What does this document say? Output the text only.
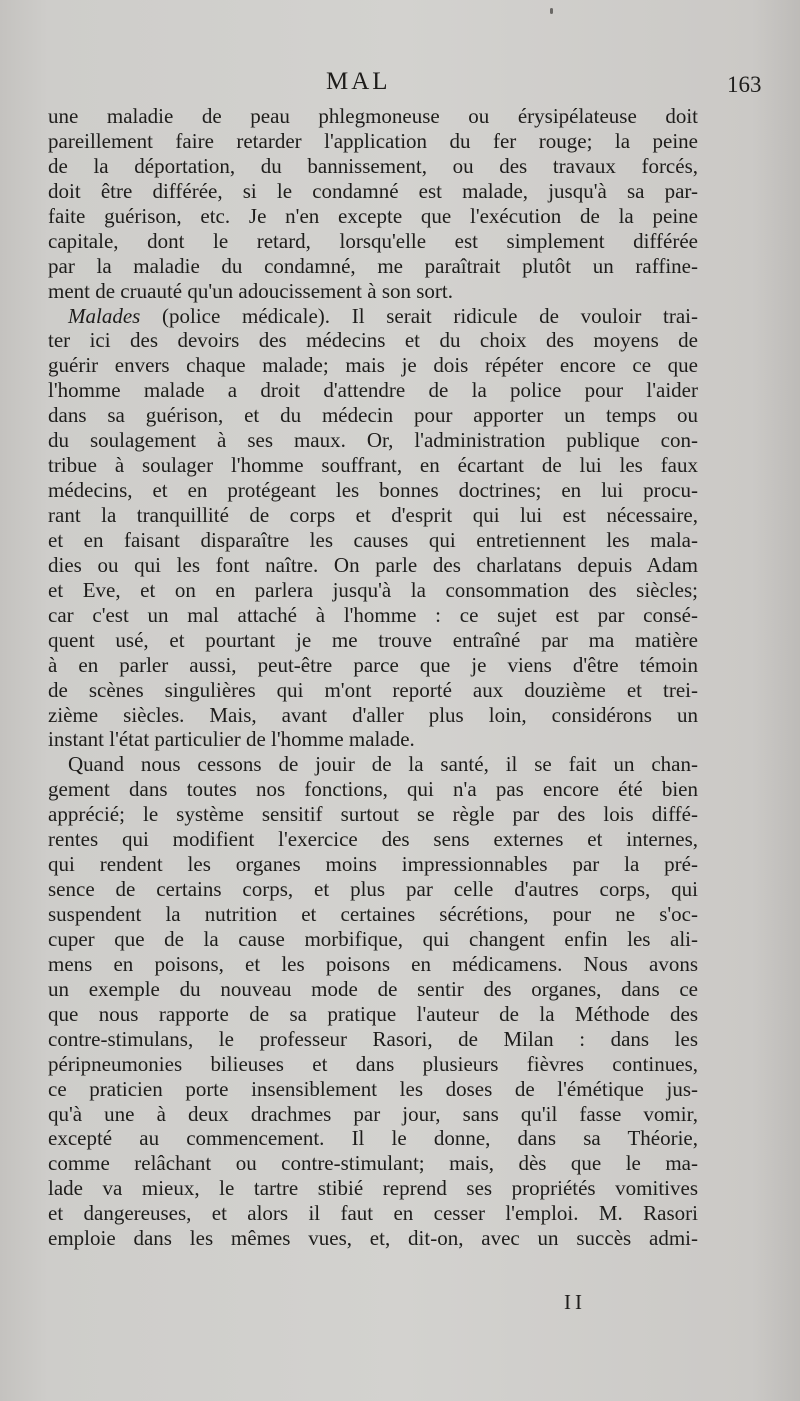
MAL	163
une maladie de peau phlegmoneuse ou érysipélateuse doit
pareillement faire retarder l'application du fer rouge; la peine
de la déportation, du bannissement, ou des travaux forcés,
doit être différée, si le condamné est malade, jusqu'à sa par-
faite guérison, etc. Je n'en excepte que l'exécution de la peine
capitale, dont le retard, lorsqu'elle est simplement différée
par la maladie du condamné, me paraîtrait plutôt un raffine-
ment de cruauté qu'un adoucissement à son sort.
Malades (police médicale). Il serait ridicule de vouloir trai-
ter ici des devoirs des médecins et du choix des moyens de
guérir envers chaque malade; mais je dois répéter encore ce que
l'homme malade a droit d'attendre de la police pour l'aider
dans sa guérison, et du médecin pour apporter un temps ou
du soulagement à ses maux. Or, l'administration publique con-
tribue à soulager l'homme souffrant, en écartant de lui les faux
médecins, et en protégeant les bonnes doctrines; en lui procu-
rant la tranquillité de corps et d'esprit qui lui est nécessaire,
et en faisant disparaître les causes qui entretiennent les mala-
dies ou qui les font naître. On parle des charlatans depuis Adam
et Eve, et on en parlera jusqu'à la consommation des siècles;
car c'est un mal attaché à l'homme : ce sujet est par consé-
quent usé, et pourtant je me trouve entraîné par ma matière
à en parler aussi, peut-être parce que je viens d'être témoin
de scènes singulières qui m'ont reporté aux douzième et trei-
zième siècles. Mais, avant d'aller plus loin, considérons un
instant l'état particulier de l'homme malade.
Quand nous cessons de jouir de la santé, il se fait un chan-
gement dans toutes nos fonctions, qui n'a pas encore été bien
apprécié; le système sensitif surtout se règle par des lois diffé-
rentes qui modifient l'exercice des sens externes et internes,
qui rendent les organes moins impressionnables par la pré-
sence de certains corps, et plus par celle d'autres corps, qui
suspendent la nutrition et certaines sécrétions, pour ne s'oc-
cuper que de la cause morbifique, qui changent enfin les ali-
mens en poisons, et les poisons en médicamens. Nous avons
un exemple du nouveau mode de sentir des organes, dans ce
que nous rapporte de sa pratique l'auteur de la Méthode des
contre-stimulans, le professeur Rasori, de Milan : dans les
péripneumonies bilieuses et dans plusieurs fièvres continues,
ce praticien porte insensiblement les doses de l'émétique jus-
qu'à une à deux drachmes par jour, sans qu'il fasse vomir,
excepté au commencement. Il le donne, dans sa Théorie,
comme relâchant ou contre-stimulant; mais, dès que le ma-
lade va mieux, le tartre stibié reprend ses propriétés vomitives
et dangereuses, et alors il faut en cesser l'emploi. M. Rasori
emploie dans les mêmes vues, et, dit-on, avec un succès admi-
II
